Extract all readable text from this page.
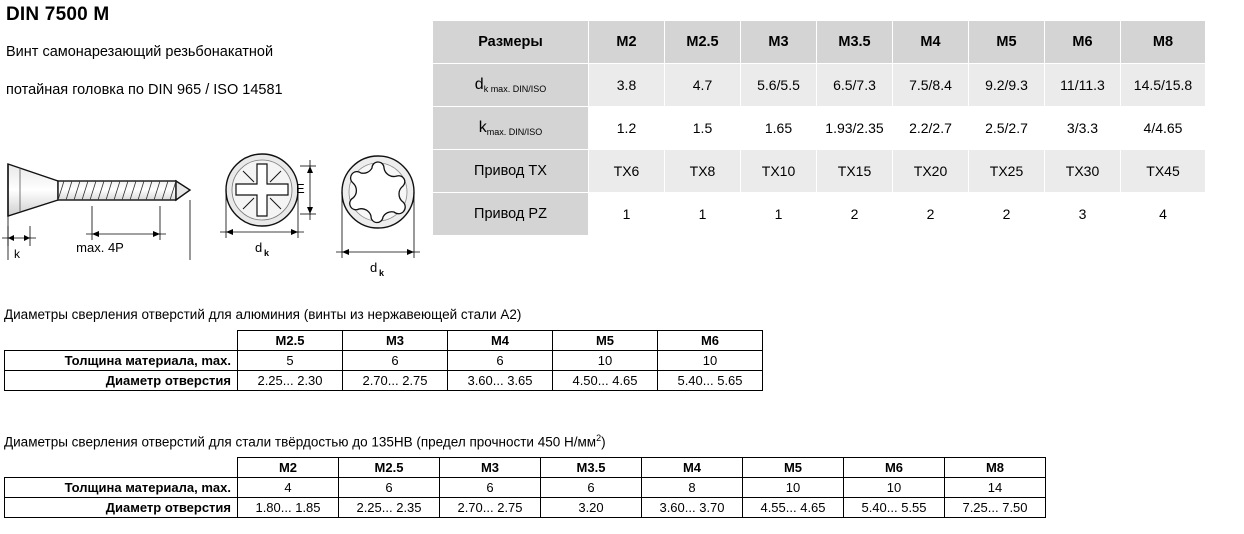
DIN 7500 M
Винт самонарезающий резьбонакатной
потайная головка по DIN 965 / ISO 14581
k	max. 4P	d k
E
d k
Размеры	M2	M2.5	M3	M3.5	M4	M5	M6	M8
$d_{k max. DIN/ISO}$	3.8	4.7	5.6/5.5	6.5/7.3	7.5/8.4	9.2/9.3	11/11.3	14.5/15.8
$k_{max. DIN/ISO}$	1.2	1.5	1.65	1.93/2.35	2.2/2.7	2.5/2.7	3/3.3	4/4.65
Привод TX	TX6	TX8	TX10	TX15	TX20	TX25	TX30	TX45
Привод PZ	1	1	1	2	2	2	3	4
Диаметры сверления отверстий для алюминия (винты из нержавеющей стали A2)
	M2.5	M3	M4	M5	M6
Толщина материала, max.	5	6	6	10	10
Диаметр отверстия	2.25... 2.30	2.70... 2.75	3.60... 3.65	4.50... 4.65	5.40... 5.65
Диаметры сверления отверстий для стали твёрдостью до 135HB (предел прочности 450 $Н/мм^2$)
	M2	M2.5	M3	M3.5	M4	M5	M6	M8
Толщина материала, max.	4	6	6	6	8	10	10	14
Диаметр отверстия	1.80... 1.85	2.25... 2.35	2.70... 2.75	3.20	3.60... 3.70	4.55... 4.65	5.40... 5.55	7.25... 7.50
